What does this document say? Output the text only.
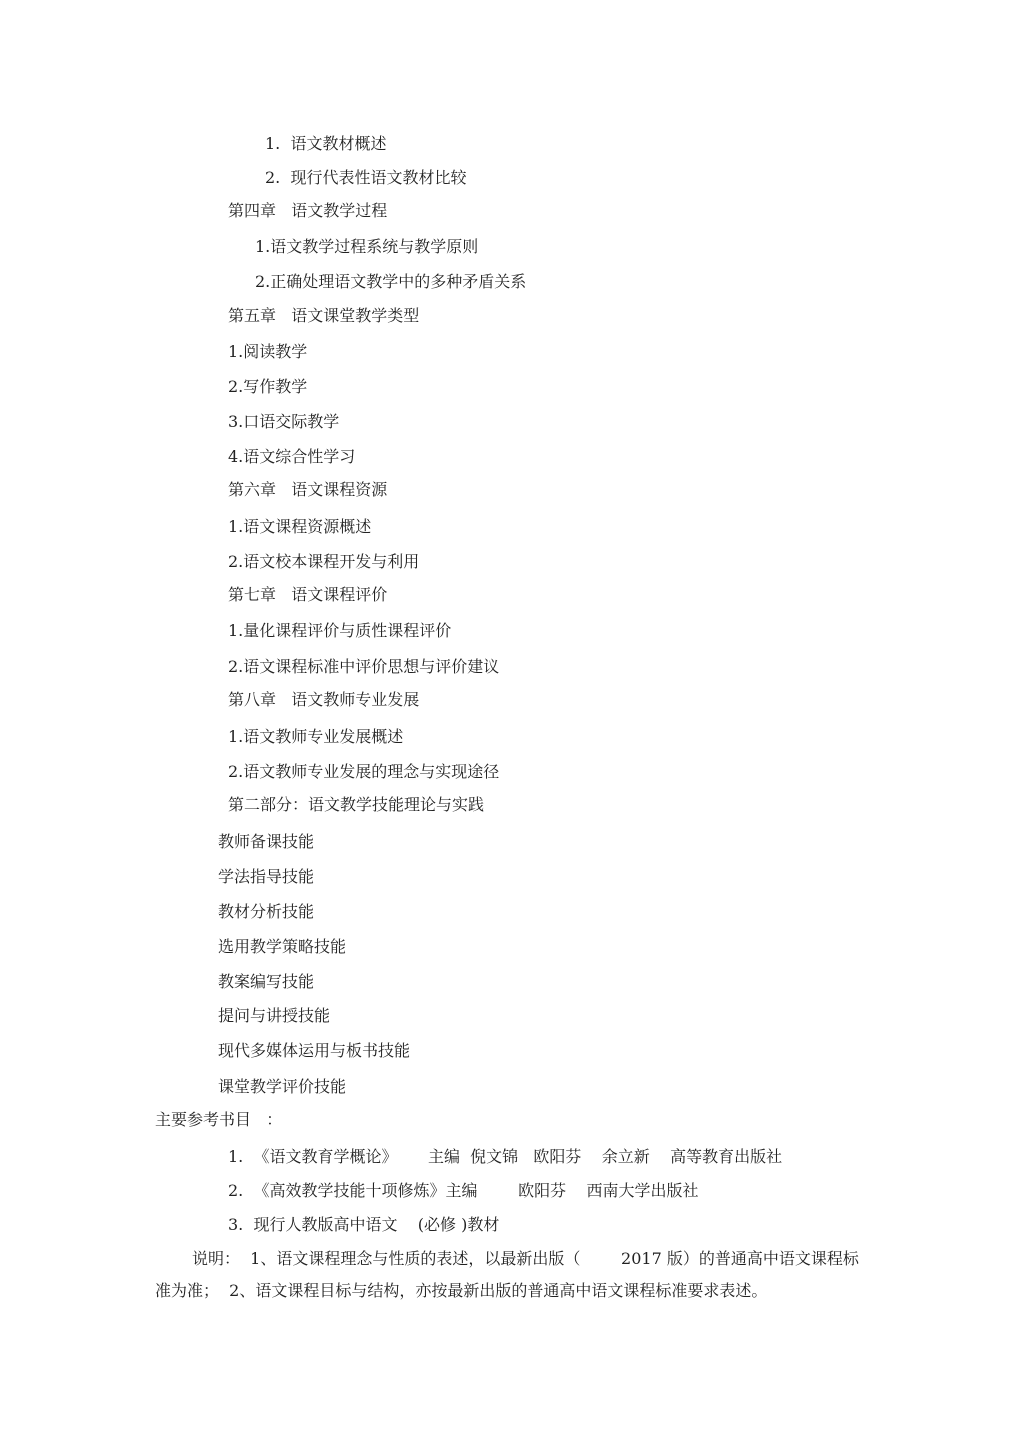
1.  语文教材概述
2.  现行代表性语文教材比较
第四章   语文教学过程
1.语文教学过程系统与教学原则
2.正确处理语文教学中的多种矛盾关系
第五章   语文课堂教学类型
1.阅读教学
2.写作教学
3.口语交际教学
4.语文综合性学习
第六章   语文课程资源
1.语文课程资源概述
2.语文校本课程开发与利用
第七章   语文课程评价
1.量化课程评价与质性课程评价
2.语文课程标准中评价思想与评价建议
第八章   语文教师专业发展
1.语文教师专业发展概述
2.语文教师专业发展的理念与实现途径
第二部分：语文教学技能理论与实践
教师备课技能
学法指导技能
教材分析技能
选用教学策略技能
教案编写技能
提问与讲授技能
现代多媒体运用与板书技能
课堂教学评价技能
主要参考书目   ：
1.  《语文教育学概论》      主编  倪文锦   欧阳芬    余立新    高等教育出版社
2.  《高效教学技能十项修炼》主编        欧阳芬    西南大学出版社
3.  现行人教版高中语文    (必修 )教材
说明：  1、语文课程理念与性质的表述，以最新出版（        2017 版）的普通高中语文课程标
准为准；  2、语文课程目标与结构，亦按最新出版的普通高中语文课程标准要求表述。
